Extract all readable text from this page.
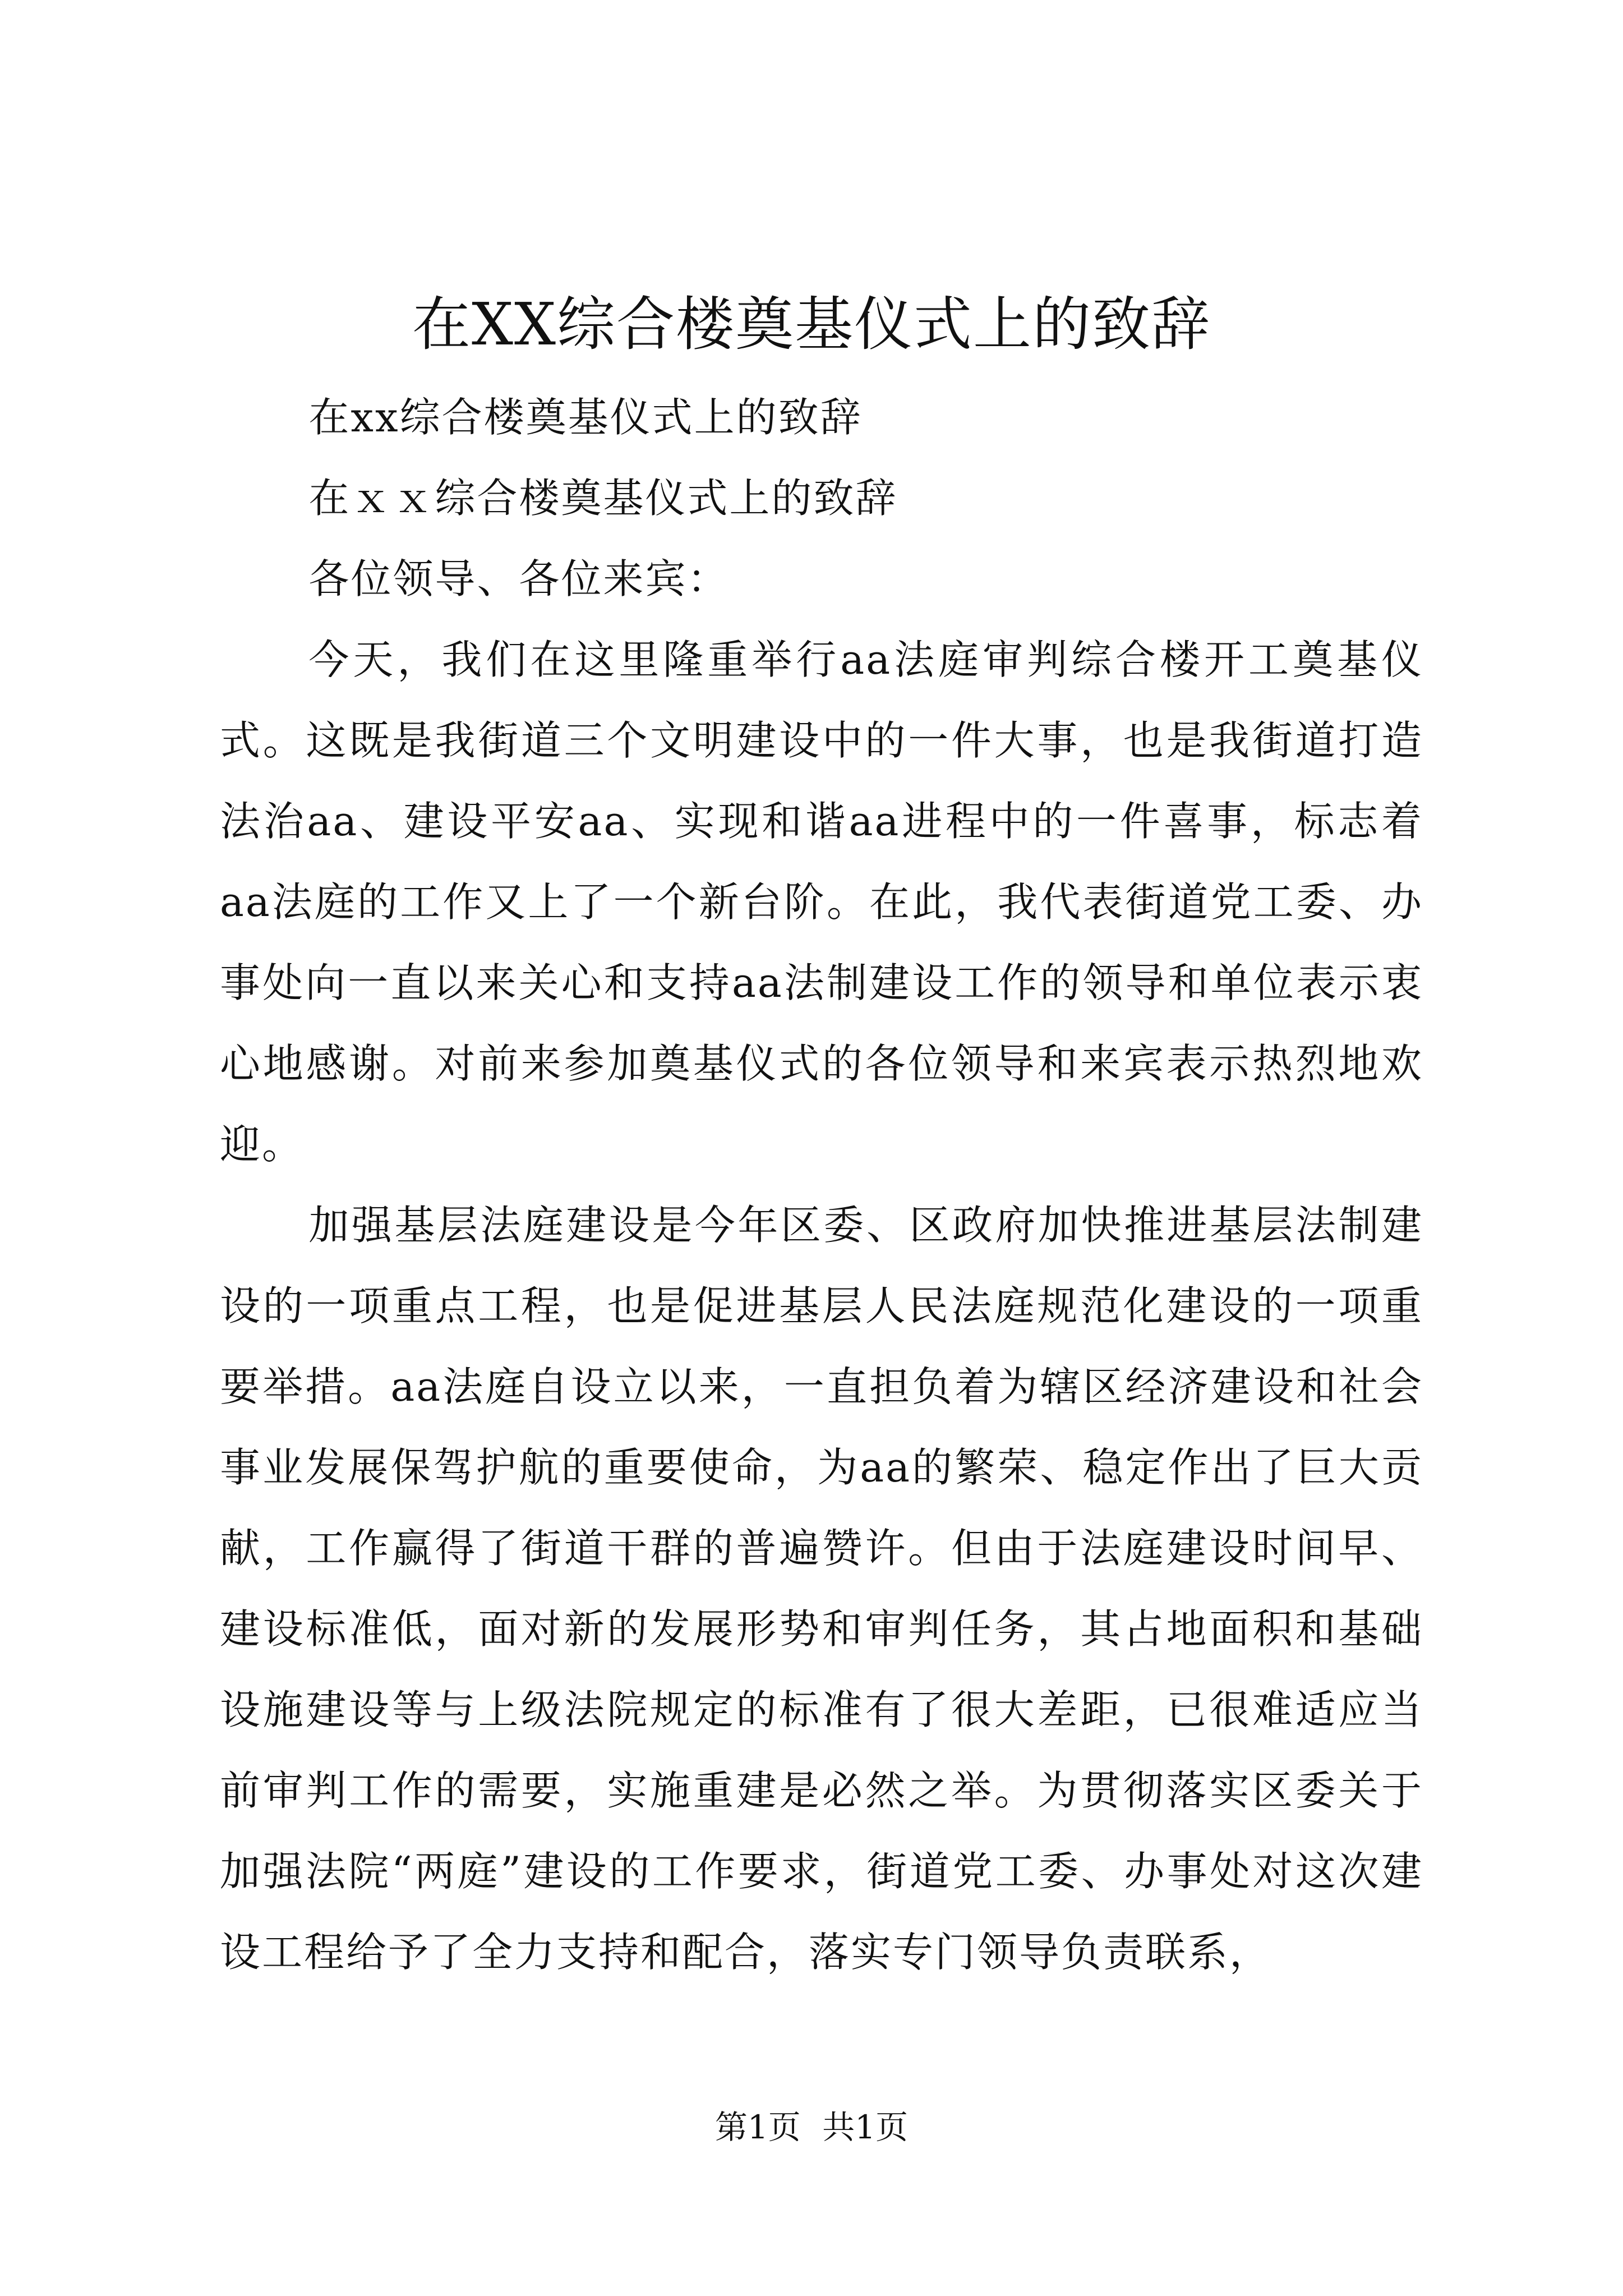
在XX综合楼奠基仪式上的致辞

在xx综合楼奠基仪式上的致辞

在ｘｘ综合楼奠基仪式上的致辞

各位领导、各位来宾：

今天，我们在这里隆重举行aa法庭审判综合楼开工奠基仪式。这既是我街道三个文明建设中的一件大事，也是我街道打造法治aa、建设平安aa、实现和谐aa进程中的一件喜事，标志着aa法庭的工作又上了一个新台阶。在此，我代表街道党工委、办事处向一直以来关心和支持aa法制建设工作的领导和单位表示衷心地感谢。对前来参加奠基仪式的各位领导和来宾表示热烈地欢迎。

加强基层法庭建设是今年区委、区政府加快推进基层法制建设的一项重点工程，也是促进基层人民法庭规范化建设的一项重要举措。aa法庭自设立以来，一直担负着为辖区经济建设和社会事业发展保驾护航的重要使命，为aa的繁荣、稳定作出了巨大贡献，工作赢得了街道干群的普遍赞许。但由于法庭建设时间早、建设标准低，面对新的发展形势和审判任务，其占地面积和基础设施建设等与上级法院规定的标准有了很大差距，已很难适应当前审判工作的需要，实施重建是必然之举。为贯彻落实区委关于加强法院“两庭”建设的工作要求，街道党工委、办事处对这次建设工程给予了全力支持和配合，落实专门领导负责联系，

第1页 共1页
